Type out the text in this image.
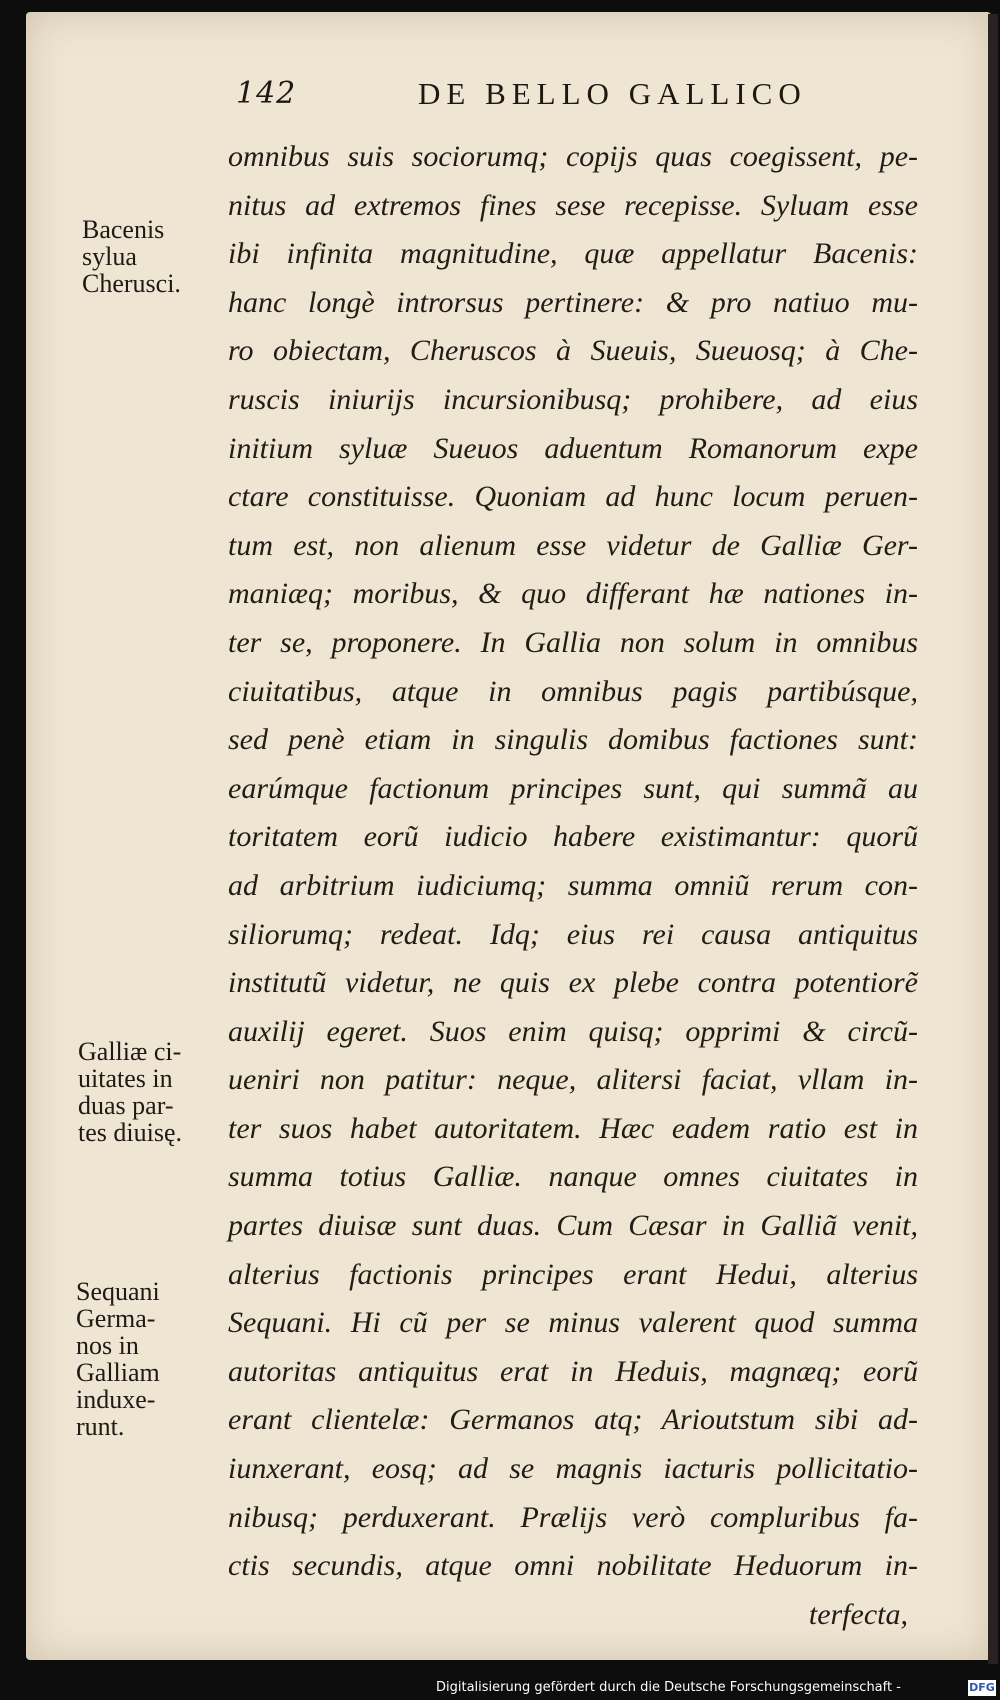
142	DE BELLO GALLICO
omnibus suis sociorumq; copijs quas coegissent, pe-
nitus ad extremos fines sese recepisse. Syluam esse
ibi infinita magnitudine, quæ appellatur Bacenis:
hanc longè introrsus pertinere: & pro natiuo mu-
ro obiectam, Cheruscos à Sueuis, Sueuosq; à Che-
ruscis iniurijs incursionibusq; prohibere, ad eius
initium syluæ Sueuos aduentum Romanorum expe
ctare constituisse. Quoniam ad hunc locum peruen-
tum est, non alienum esse videtur de Galliæ Ger-
maniæq; moribus, & quo differant hæ nationes in-
ter se, proponere. In Gallia non solum in omnibus
ciuitatibus, atque in omnibus pagis partibúsque,
sed penè etiam in singulis domibus factiones sunt:
earúmque factionum principes sunt, qui summã au
toritatem eorũ iudicio habere existimantur: quorũ
ad arbitrium iudiciumq; summa omniũ rerum con-
siliorumq; redeat. Idq; eius rei causa antiquitus
institutũ videtur, ne quis ex plebe contra potentiorẽ
auxilij egeret. Suos enim quisq; opprimi & circũ-
ueniri non patitur: neque, alitersi faciat, vllam in-
ter suos habet autoritatem. Hæc eadem ratio est in
summa totius Galliæ. nanque omnes ciuitates in
partes diuisæ sunt duas. Cum Cæsar in Galliã venit,
alterius factionis principes erant Hedui, alterius
Sequani. Hi cũ per se minus valerent quod summa
autoritas antiquitus erat in Heduis, magnæq; eorũ
erant clientelæ: Germanos atq; Arioutstum sibi ad-
iunxerant, eosq; ad se magnis iacturis pollicitatio-
nibusq; perduxerant. Prælijs verò compluribus fa-
ctis secundis, atque omni nobilitate Heduorum in-
terfecta,
Bacenis
sylua
Cherusci.
Galliæ ci-
uitates in
duas par-
tes diuisę.
Sequani
Germa-
nos in
Galliam
induxe-
runt.
Digitalisierung gefördert durch die Deutsche Forschungsgemeinschaft -	DFG
